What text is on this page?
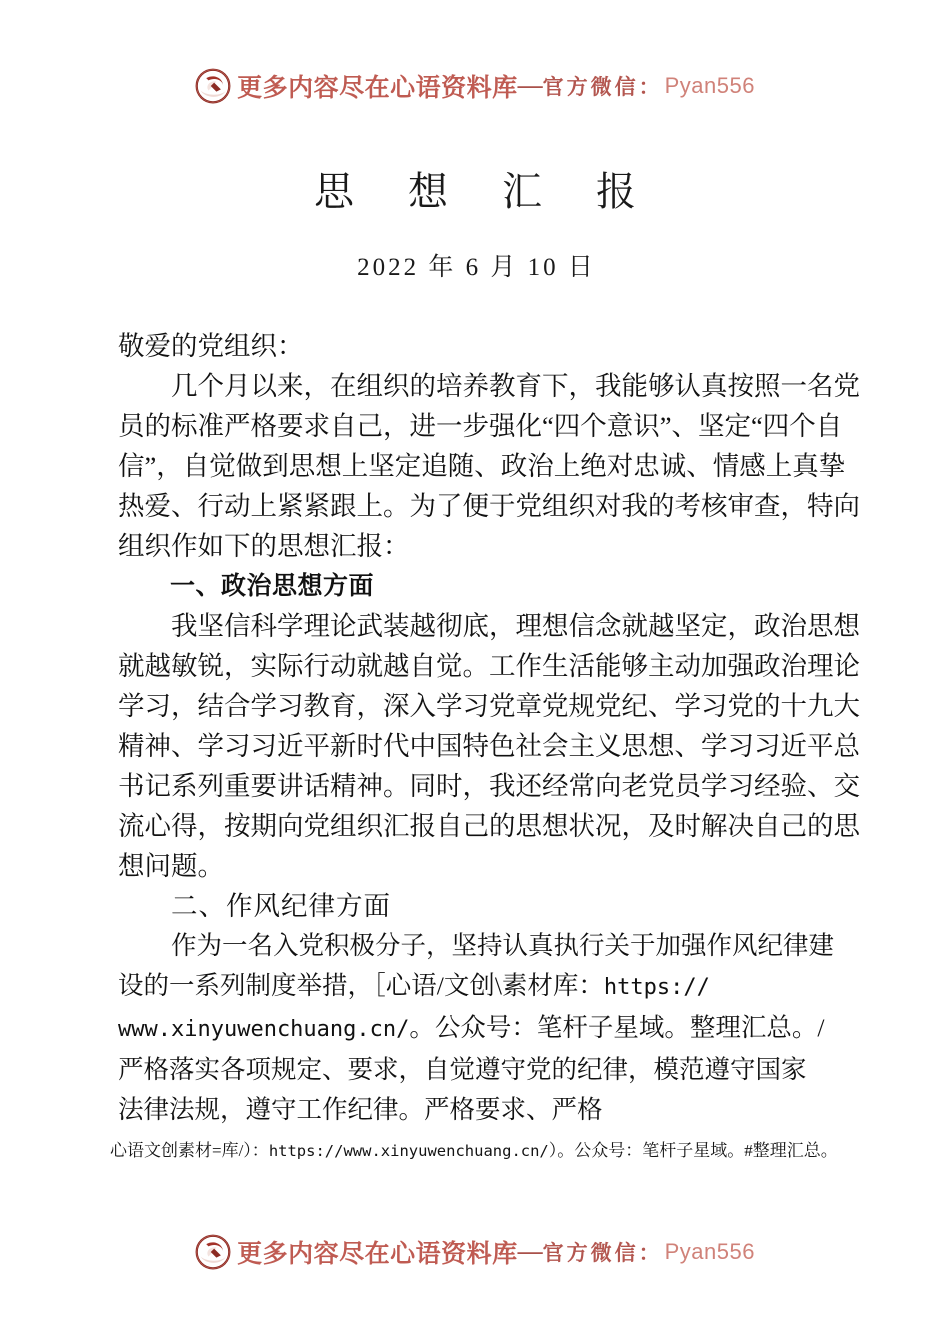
更多内容尽在心语资料库 — 官方微信： Pyan556
思 想 汇 报
2022 年 6 月 10 日
敬爱的党组织：
几个月以来，在组织的培养教育下，我能够认真按照一名党
员的标准严格要求自己，进一步强化“四个意识”、坚定“四个自
信”，自觉做到思想上坚定追随、政治上绝对忠诚、情感上真挚
热爱、行动上紧紧跟上。为了便于党组织对我的考核审查，特向
组织作如下的思想汇报：
一、政治思想方面
我坚信科学理论武装越彻底，理想信念就越坚定，政治思想
就越敏锐，实际行动就越自觉。工作生活能够主动加强政治理论
学习，结合学习教育，深入学习党章党规党纪、学习党的十九大
精神、学习习近平新时代中国特色社会主义思想、学习习近平总
书记系列重要讲话精神。同时，我还经常向老党员学习经验、交
流心得，按期向党组织汇报自己的思想状况，及时解决自己的思
想问题。
二、作风纪律方面
作为一名入党积极分子，坚持认真执行关于加强作风纪律建
设的一系列制度举措，［心语/文创\素材库：https://
www.xinyuwenchuang.cn/。公众号：笔杆子星域。整理汇总。/
严格落实各项规定、要求，自觉遵守党的纪律，模范遵守国家
法律法规，遵守工作纪律。严格要求、严格
心语文创素材=库/）：https://www.xinyuwenchuang.cn/）。公众号：笔杆子星域。#整理汇总。
更多内容尽在心语资料库 — 官方微信： Pyan556
